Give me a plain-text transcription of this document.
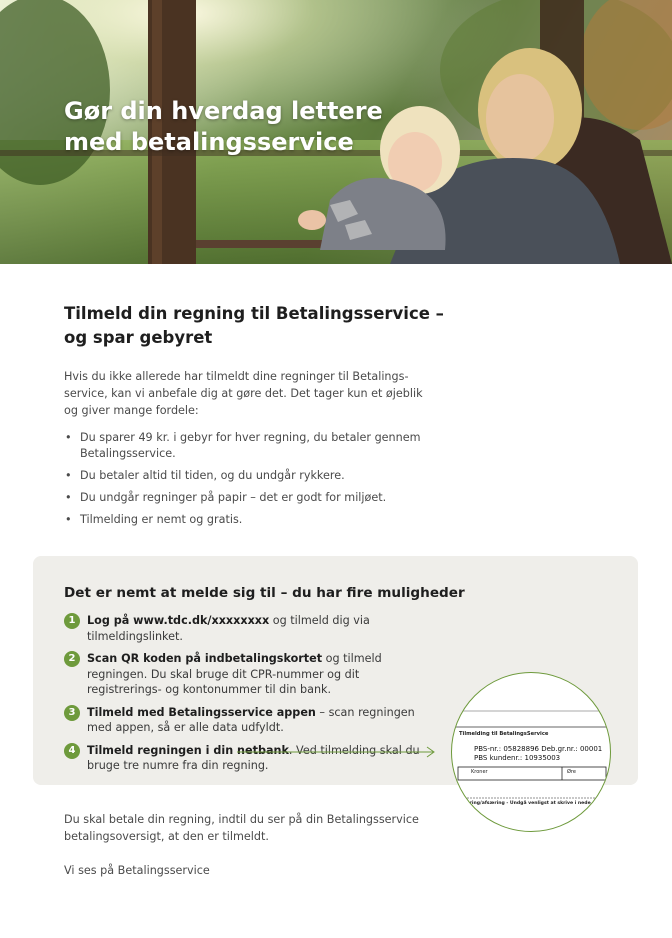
Gør din hverdag lettere med betalingsservice
Tilmeld din regning til Betalingsservice – og spar gebyret

Hvis du ikke allerede har tilmeldt dine regninger til Betalings-service, kan vi anbefale dig at gøre det. Det tager kun et øjeblik og giver mange fordele:

• Du sparer 49 kr. i gebyr for hver regning, du betaler gennem Betalingsservice.
• Du betaler altid til tiden, og du undgår rykkere.
• Du undgår regninger på papir – det er godt for miljøet.
• Tilmelding er nemt og gratis.
Det er nemt at melde sig til – du har fire muligheder
1	Log på www.tdc.dk/xxxxxxxx og tilmeld dig via tilmeldingslinket.
2	Scan QR koden på indbetalingskortet og tilmeld regningen. Du skal bruge dit CPR-nummer og dit registrerings- og kontonummer til din bank.
3	Tilmeld med Betalingsservice appen – scan regningen med appen, så er alle data udfyldt.
4	Tilmeld regningen i din netbank. Ved tilmelding skal du bruge tre numre fra din regning.
Tilmelding til BetalingsService
PBS-nr.: 05828896 Deb.gr.nr.: 00001
PBS kundenr.: 10935003
Kroner	Øre
Kvittering/afsæring - Undgå venligst at skrive i nede

Du skal betale din regning, indtil du ser på din Betalingsservice betalingsoversigt, at den er tilmeldt.

Vi ses på Betalingsservice
